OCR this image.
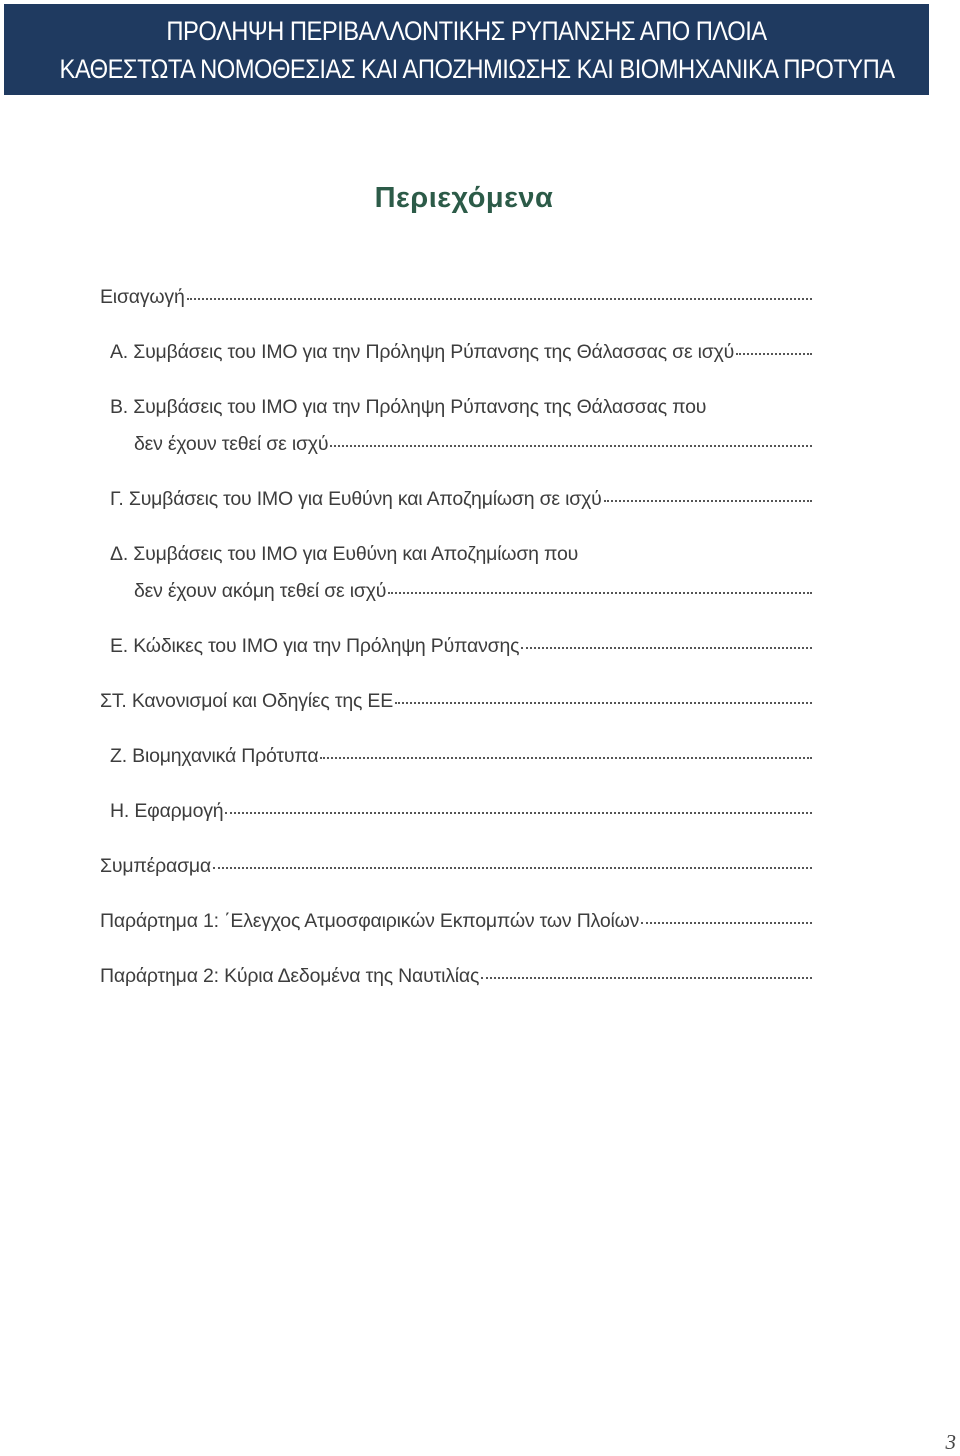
ΠΡΟΛΗΨΗ ΠΕΡΙΒΑΛΛΟΝΤΙΚΗΣ ΡΥΠΑΝΣΗΣ ΑΠΟ ΠΛΟΙΑ
ΚΑΘΕΣΤΩΤΑ ΝΟΜΟΘΕΣΙΑΣ ΚΑΙ ΑΠΟΖΗΜΙΩΣΗΣ ΚΑΙ ΒΙΟΜΗΧΑΝΙΚΑ ΠΡΟΤΥΠΑ
Περιεχόμενα
Εισαγωγή
Α. Συμβάσεις του ΙΜΟ για την Πρόληψη Ρύπανσης της Θάλασσας σε ισχύ
Β. Συμβάσεις του ΙΜΟ για την Πρόληψη Ρύπανσης της Θάλασσας που
δεν έχουν τεθεί σε ισχύ
Γ. Συμβάσεις του ΙΜΟ για Ευθύνη και Αποζημίωση σε ισχύ
Δ. Συμβάσεις του ΙΜΟ για Ευθύνη και Αποζημίωση που
δεν έχουν ακόμη τεθεί σε ισχύ
Ε. Κώδικες του ΙΜΟ για την Πρόληψη Ρύπανσης
ΣΤ. Κανονισμοί και Οδηγίες της ΕΕ
Ζ. Βιομηχανικά Πρότυπα
Η. Εφαρμογή
Συμπέρασμα
Παράρτημα 1: ΄Ελεγχος Ατμοσφαιρικών Εκπομπών των Πλοίων
Παράρτημα 2: Κύρια Δεδομένα της Ναυτιλίας
3
